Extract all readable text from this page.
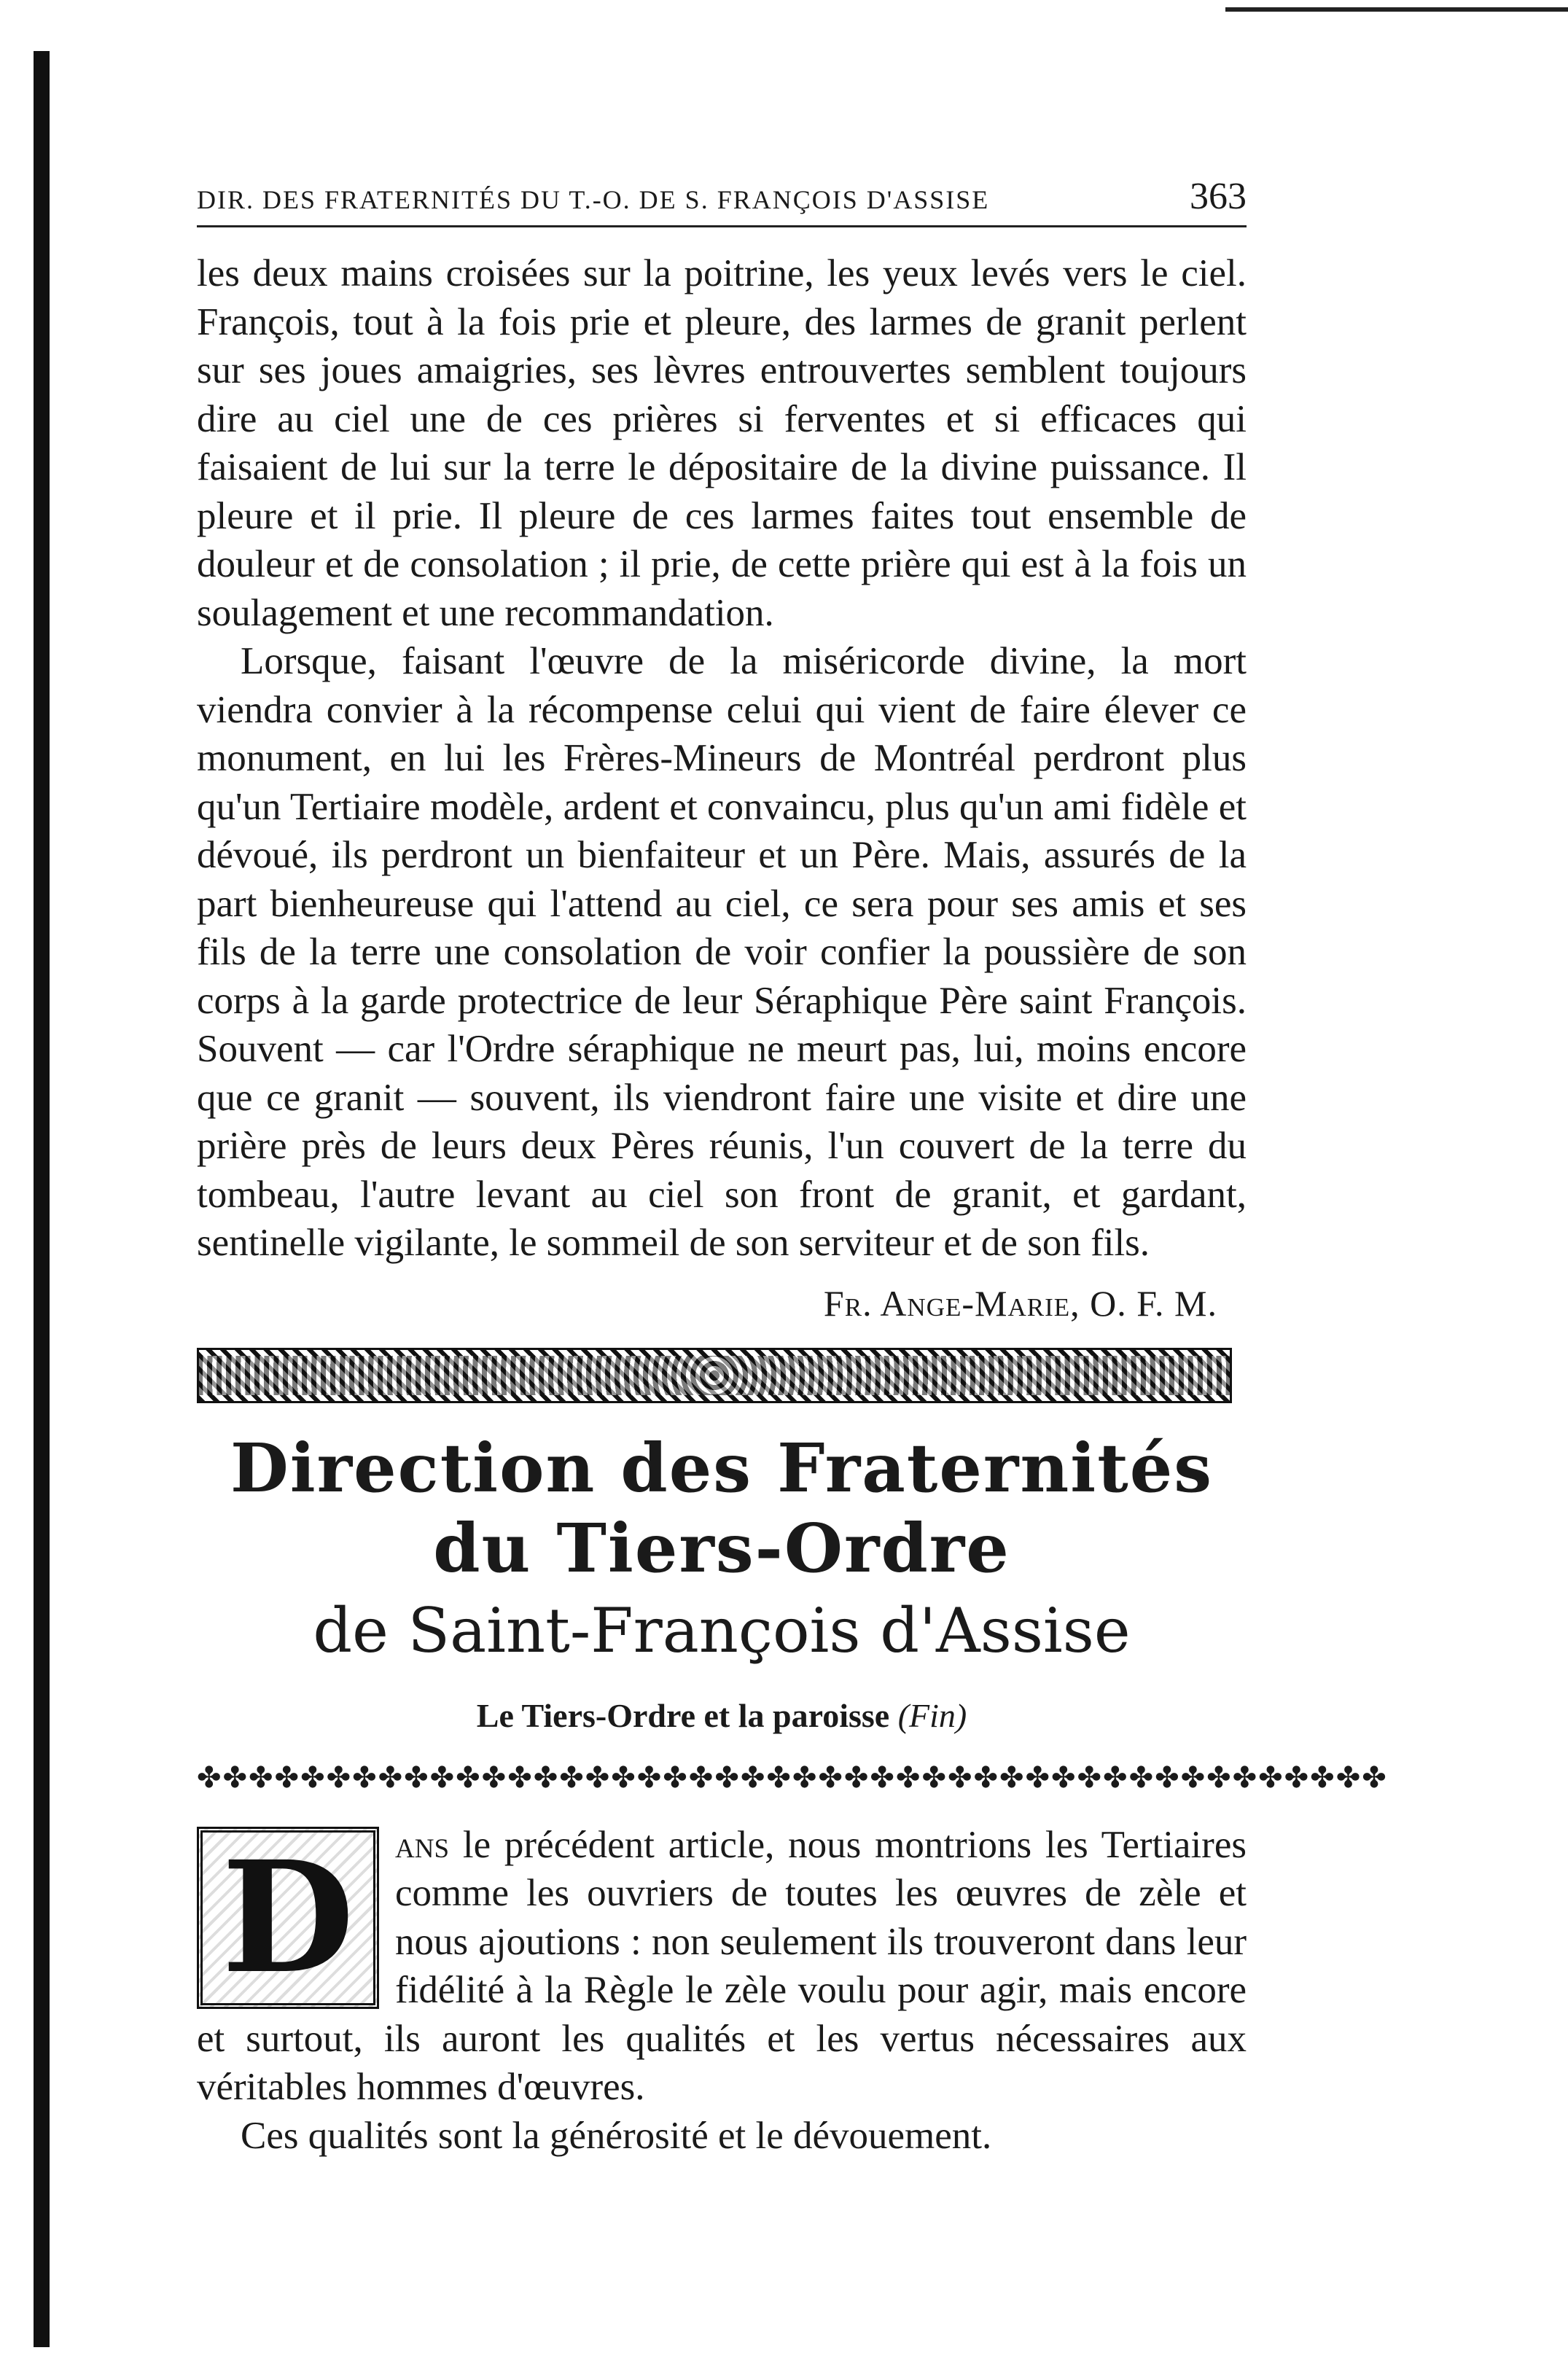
DIR. DES FRATERNITÉS DU T.-O. DE S. FRANÇOIS D'ASSISE	363

les deux mains croisées sur la poitrine, les yeux levés vers le ciel. François, tout à la fois prie et pleure, des larmes de granit perlent sur ses joues amaigries, ses lèvres entrouvertes semblent toujours dire au ciel une de ces prières si ferventes et si efficaces qui faisaient de lui sur la terre le dépositaire de la divine puissance. Il pleure et il prie. Il pleure de ces larmes faites tout ensemble de douleur et de consolation ; il prie, de cette prière qui est à la fois un soulagement et une recommandation.

Lorsque, faisant l'œuvre de la miséricorde divine, la mort viendra convier à la récompense celui qui vient de faire élever ce monument, en lui les Frères-Mineurs de Montréal perdront plus qu'un Tertiaire modèle, ardent et convaincu, plus qu'un ami fidèle et dévoué, ils perdront un bienfaiteur et un Père. Mais, assurés de la part bienheureuse qui l'attend au ciel, ce sera pour ses amis et ses fils de la terre une consolation de voir confier la poussière de son corps à la garde protectrice de leur Séraphique Père saint François. Souvent — car l'Ordre séraphique ne meurt pas, lui, moins encore que ce granit — souvent, ils viendront faire une visite et dire une prière près de leurs deux Pères réunis, l'un couvert de la terre du tombeau, l'autre levant au ciel son front de granit, et gardant, sentinelle vigilante, le sommeil de son serviteur et de son fils.

Fr. Ange-Marie, O. F. M.
Direction des Fraternités du Tiers-Ordre
de Saint-François d'Assise
Le Tiers-Ordre et la paroisse (Fin)
✤✤✤✤✤✤✤✤✤✤✤✤✤✤✤✤✤✤✤✤✤✤✤✤✤✤✤✤✤✤✤✤✤✤✤✤✤✤✤✤✤✤✤✤✤✤
D	ans le précédent article, nous montrions les Tertiaires comme les ouvriers de toutes les œuvres de zèle et nous ajoutions : non seulement ils trouveront dans leur fidélité à la Règle le zèle voulu pour agir, mais encore et surtout, ils auront les qualités et les vertus nécessaires aux véritables hommes d'œuvres.

Ces qualités sont la générosité et le dévouement.
